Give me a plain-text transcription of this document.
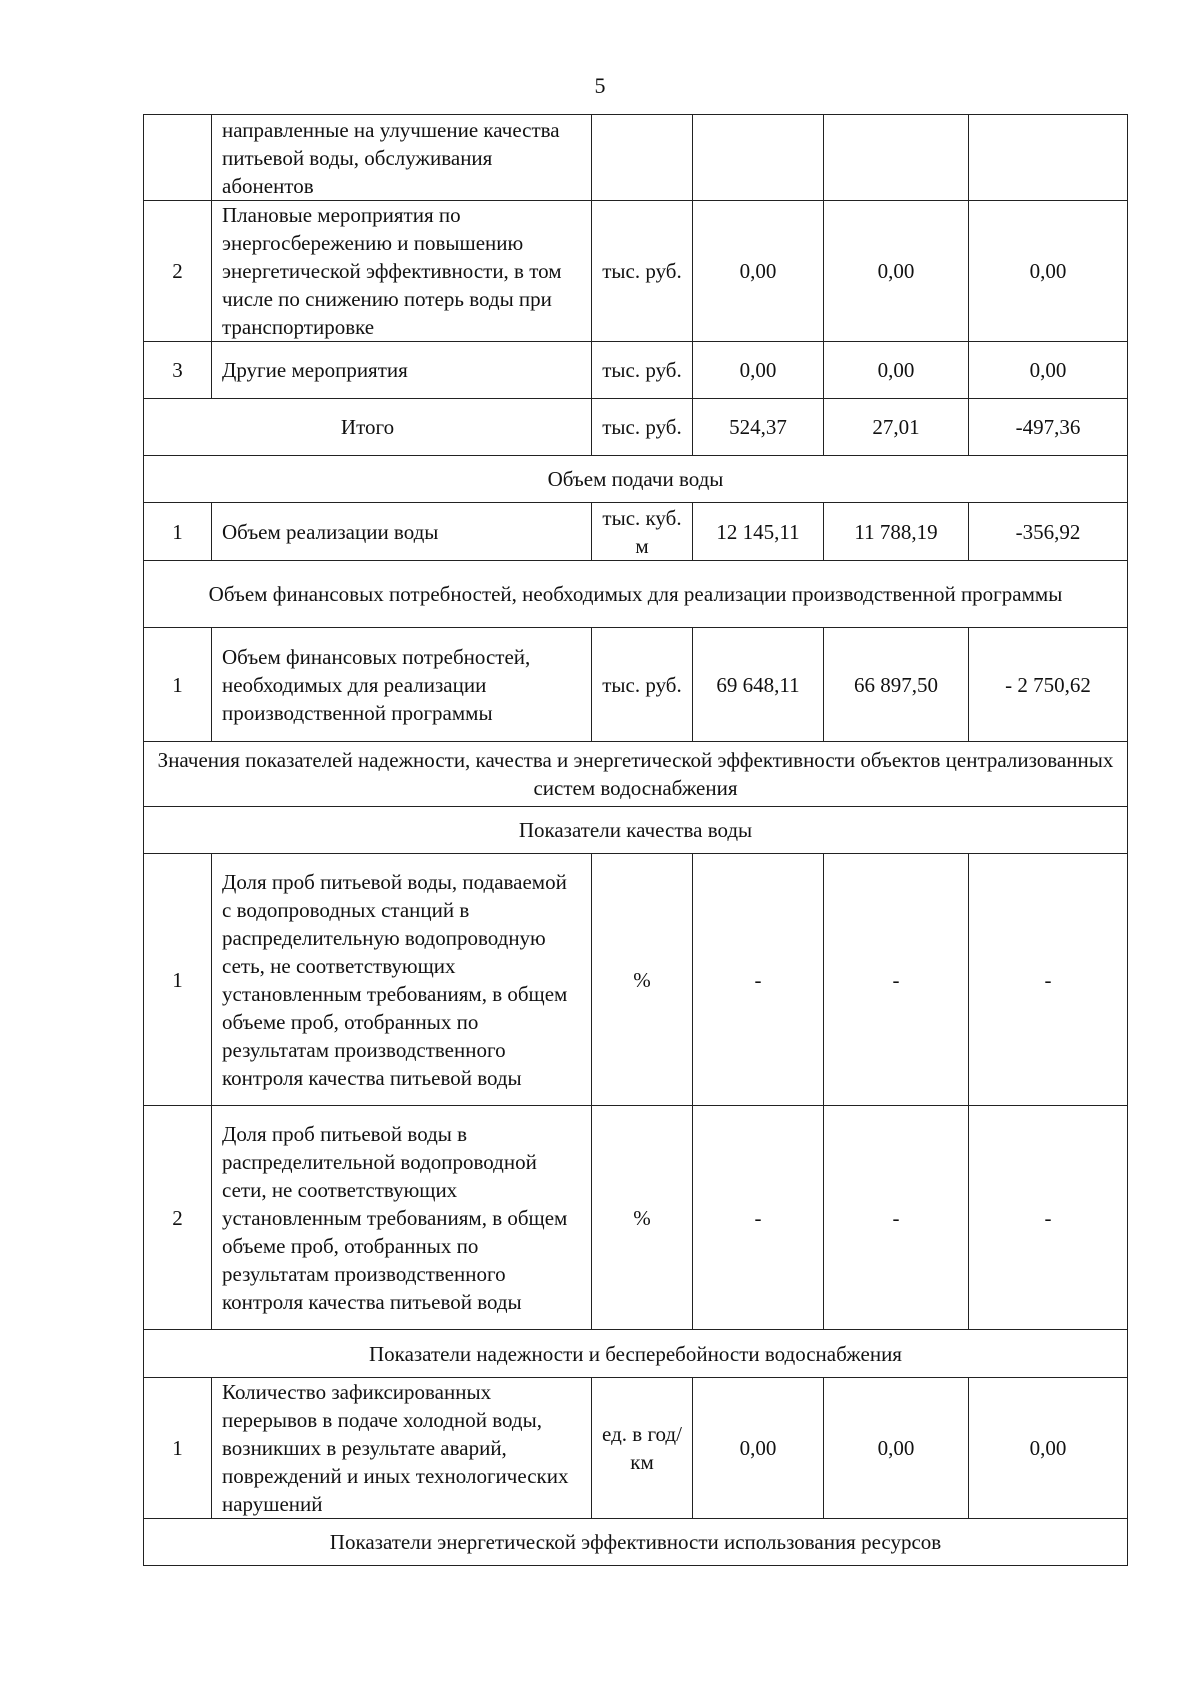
5
	направленные на улучшение качества питьевой воды, обслуживания абонентов				
2	Плановые мероприятия по энергосбережению и повышению энергетической эффективности, в том числе по снижению потерь воды при транспортировке	тыс. руб.	0,00	0,00	0,00
3	Другие мероприятия	тыс. руб.	0,00	0,00	0,00
Итого		тыс. руб.	524,37	27,01	-497,36
Объем подачи воды					
1	Объем реализации воды	тыс. куб. м	12 145,11	11 788,19	-356,92
Объем финансовых потребностей, необходимых для реализации производственной программы					
1	Объем финансовых потребностей, необходимых для реализации производственной программы	тыс. руб.	69 648,11	66 897,50	- 2 750,62
Значения показателей надежности, качества и энергетической эффективности объектов централизованных систем водоснабжения					
Показатели качества воды					
1	Доля проб питьевой воды, подаваемой с водопроводных станций в распределительную водопроводную сеть, не соответствующих установленным требованиям, в общем объеме проб, отобранных по результатам производственного контроля качества питьевой воды	%	-	-	-
2	Доля проб питьевой воды в распределительной водопроводной сети, не соответствующих установленным требованиям, в общем объеме проб, отобранных по результатам производственного контроля качества питьевой воды	%	-	-	-
Показатели надежности и бесперебойности водоснабжения					
1	Количество зафиксированных перерывов в подаче холодной воды, возникших в результате аварий, повреждений и иных технологических нарушений	ед. в год/ км	0,00	0,00	0,00
Показатели энергетической эффективности использования ресурсов					
